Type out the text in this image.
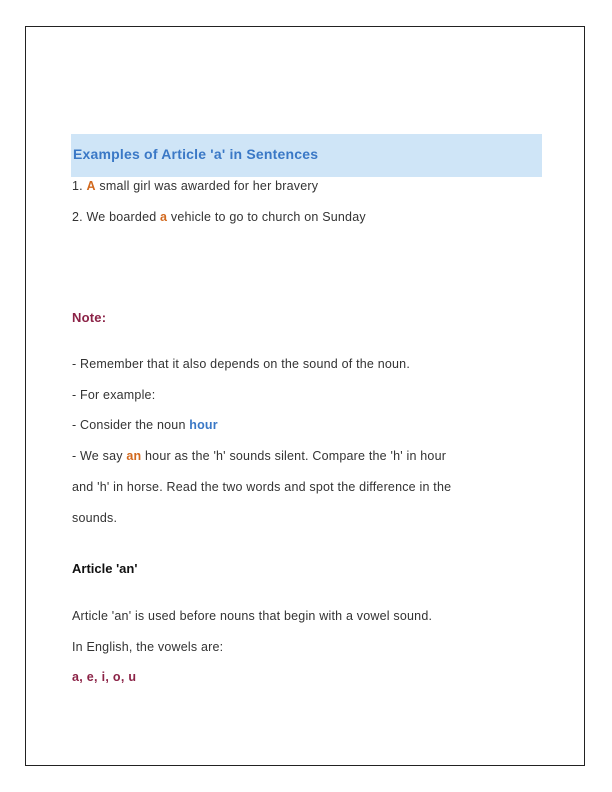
Examples of Article 'a' in Sentences
1. A small girl was awarded for her bravery
2. We boarded a vehicle to go to church on Sunday
Note:
- Remember that it also depends on the sound of the noun.
- For example:
- Consider the noun hour
- We say an hour as the 'h' sounds silent. Compare the 'h' in hour
and 'h' in horse. Read the two words and spot the difference in the
sounds.
Article 'an'
Article 'an' is used before nouns that begin with a vowel sound.
In English, the vowels are:
a, e, i, o, u
